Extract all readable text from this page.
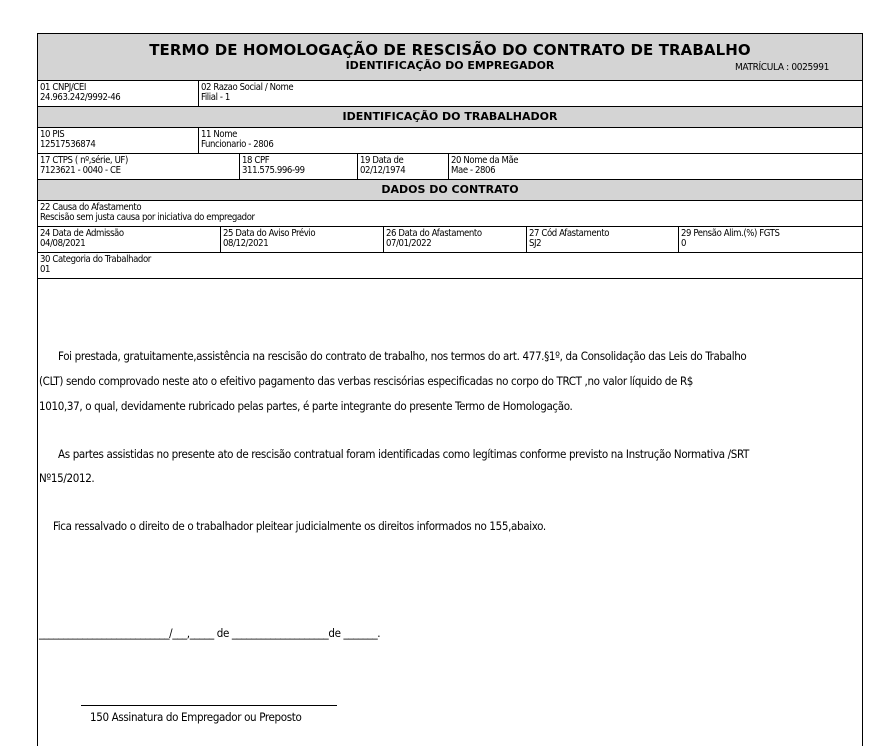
TERMO DE HOMOLOGAÇÃO DE RESCISÃO DO CONTRATO DE TRABALHO
IDENTIFICAÇÃO DO EMPREGADOR	MATRÍCULA : 0025991
01 CNPJ/CEI
24.963.242/9992-46
02 Razao Social / Nome
Filial - 1
IDENTIFICAÇÃO DO TRABALHADOR
10 PIS
12517536874
11 Nome
Funcionario - 2806
17 CTPS ( nº,série, UF)
7123621 - 0040 - CE
18 CPF
311.575.996-99
19 Data de
02/12/1974
20 Nome da Mãe
Mae - 2806
DADOS DO CONTRATO
22 Causa do Afastamento
Rescisão sem justa causa por iniciativa do empregador
24 Data de Admissão
04/08/2021
25 Data do Aviso Prévio
08/12/2021
26 Data do Afastamento
07/01/2022
27 Cód Afastamento
SJ2
29 Pensão Alim.(%) FGTS
0
30 Categoria do Trabalhador
01
Foi prestada, gratuitamente,assistência na rescisão do contrato de trabalho, nos termos do art. 477.§1º, da Consolidação das Leis do Trabalho
(CLT) sendo comprovado neste ato o efeitivo pagamento das verbas rescisórias especificadas no corpo do TRCT ,no valor líquido de R$
1010,37, o qual, devidamente rubricado pelas partes, é parte integrante do presente Termo de Homologação.
As partes assistidas no presente ato de rescisão contratual foram identificadas como legítimas conforme previsto na Instrução Normativa /SRT
Nº15/2012.
Fica ressalvado o direito de o trabalhador pleitear judicialmente os direitos informados no 155,abaixo.
___________________________/___,_____ de ____________________de _______.
150 Assinatura do Empregador ou Preposto
